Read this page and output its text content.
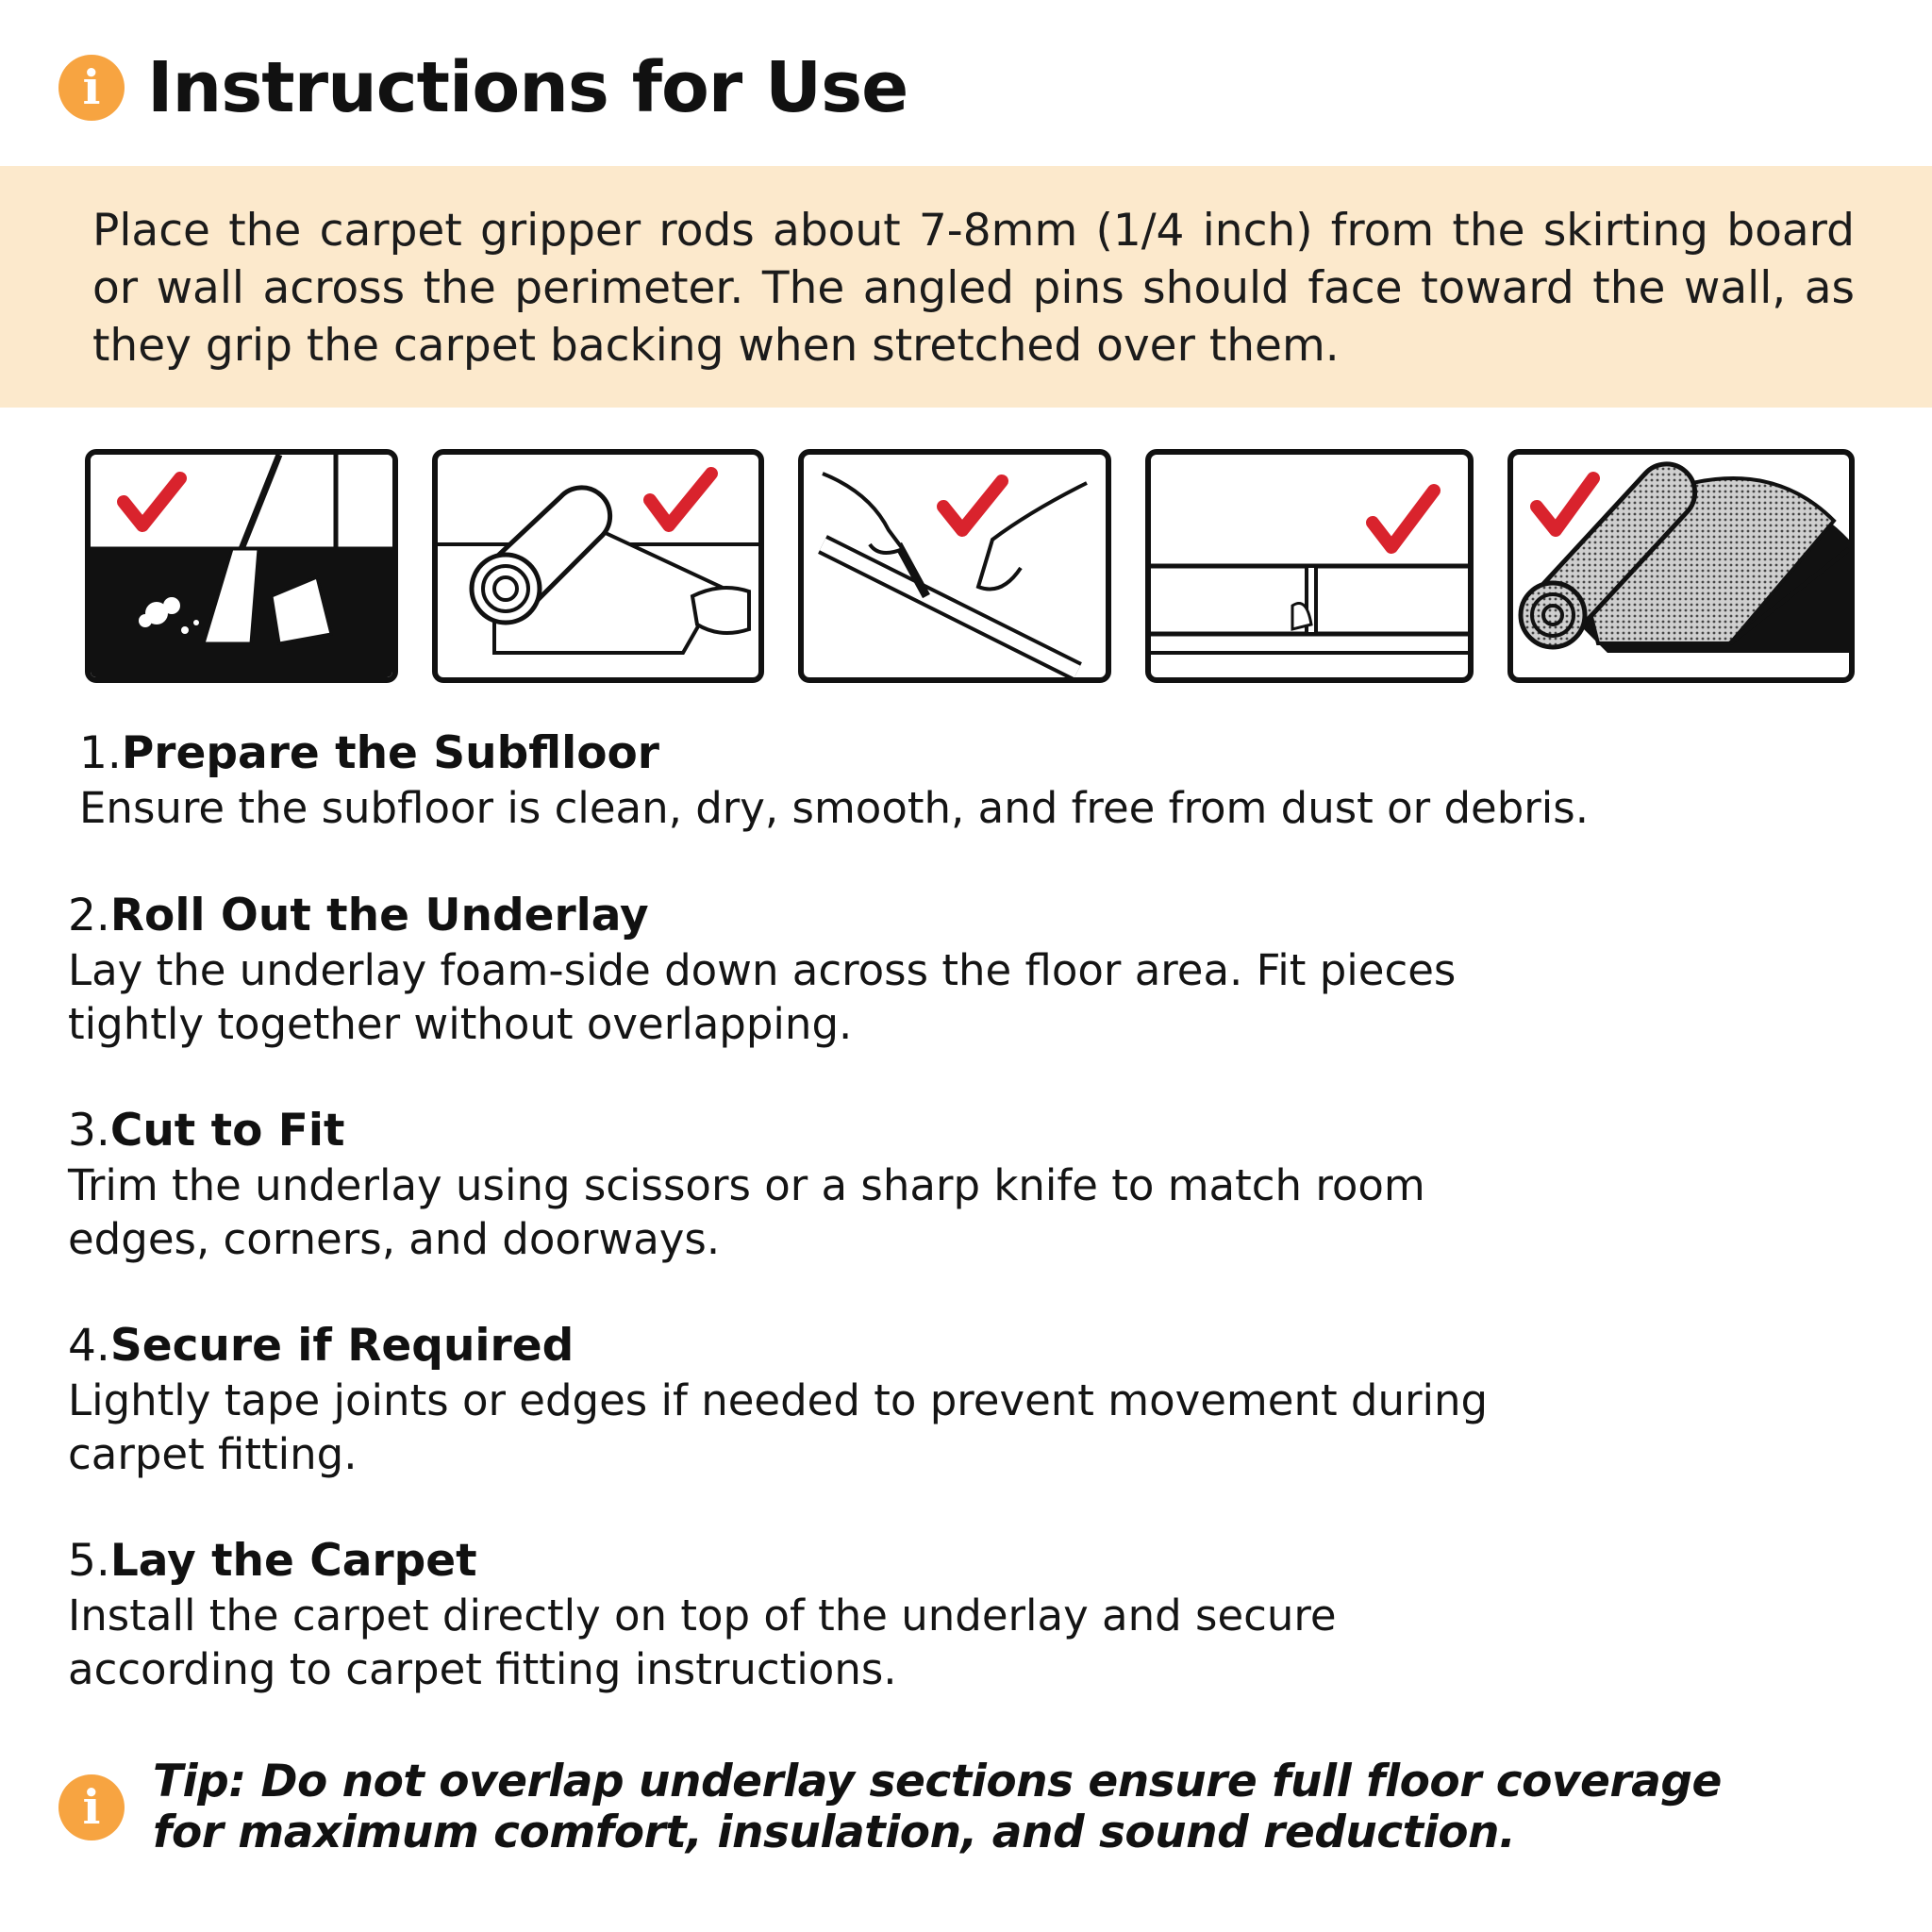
i Instructions for Use

Place the carpet gripper rods about 7-8mm (1/4 inch) from the skirting board or wall across the perimeter. The angled pins should face toward the wall, as they grip the carpet backing when stretched over them.

1.Prepare the Subflloor
Ensure the subfloor is clean, dry, smooth, and free from dust or debris.
2.Roll Out the Underlay
Lay the underlay foam-side down across the floor area. Fit pieces
tightly together without overlapping.
3.Cut to Fit
Trim the underlay using scissors or a sharp knife to match room
edges, corners, and doorways.
4.Secure if Required
Lightly tape joints or edges if needed to prevent movement during
carpet fitting.
5.Lay the Carpet
Install the carpet directly on top of the underlay and secure
according to carpet fitting instructions.
i	Tip: Do not overlap underlay sections ensure full floor coverage
for maximum comfort, insulation, and sound reduction.
